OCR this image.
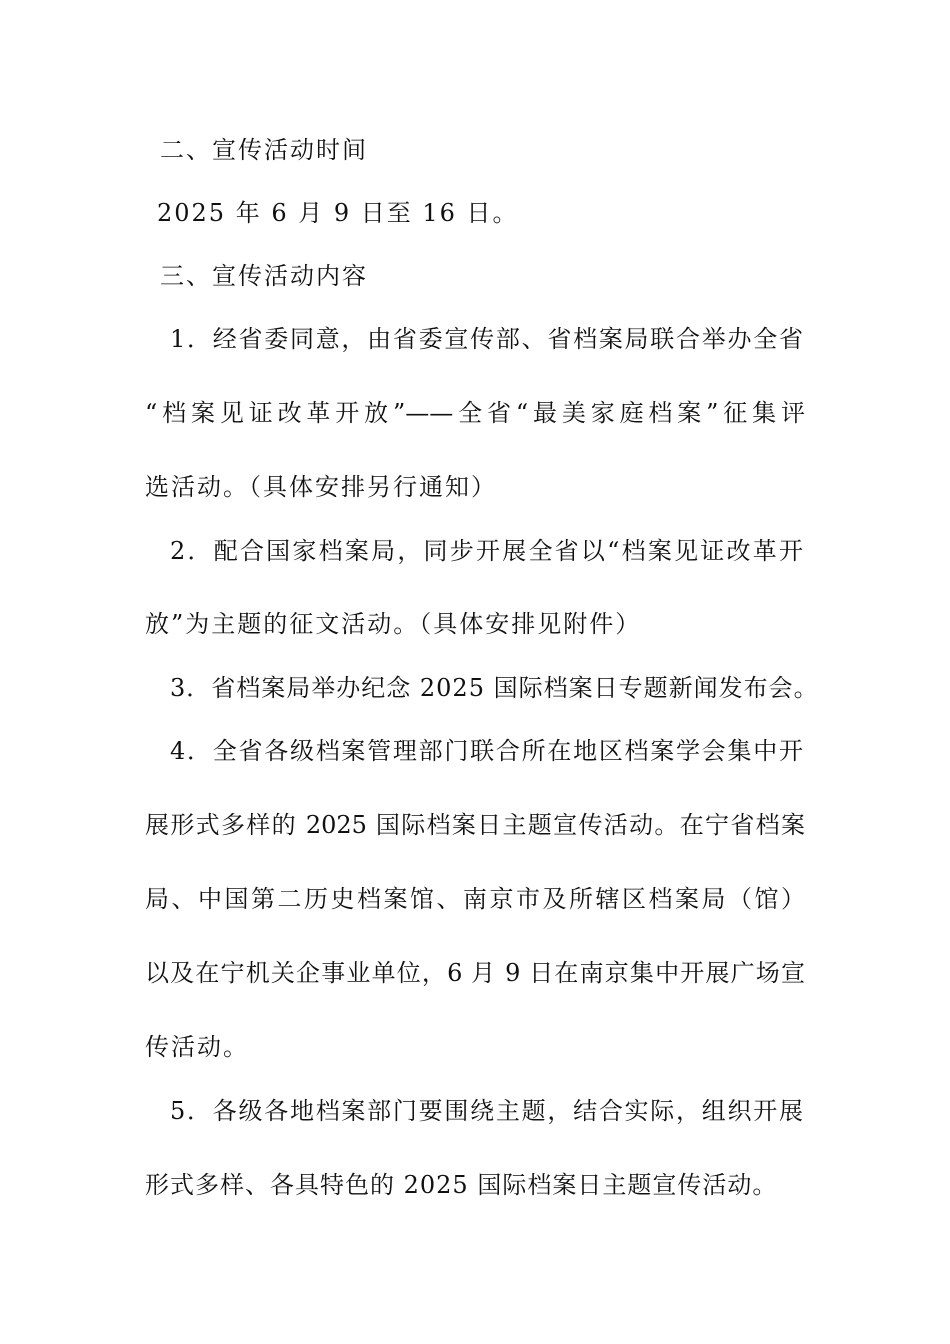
二、宣传活动时间

2025 年 6 月 9 日至 16 日。

三、宣传活动内容

1．经省委同意，由省委宣传部、省档案局联合举办全省

“档案见证改革开放”——全省“最美家庭档案”征集评

选活动。（具体安排另行通知）

2．配合国家档案局，同步开展全省以“档案见证改革开

放”为主题的征文活动。（具体安排见附件）

3．省档案局举办纪念 2025 国际档案日专题新闻发布会。

4．全省各级档案管理部门联合所在地区档案学会集中开

展形式多样的 2025 国际档案日主题宣传活动。在宁省档案

局、中国第二历史档案馆、南京市及所辖区档案局（馆）

以及在宁机关企事业单位，6 月 9 日在南京集中开展广场宣

传活动。

5．各级各地档案部门要围绕主题，结合实际，组织开展

形式多样、各具特色的 2025 国际档案日主题宣传活动。
